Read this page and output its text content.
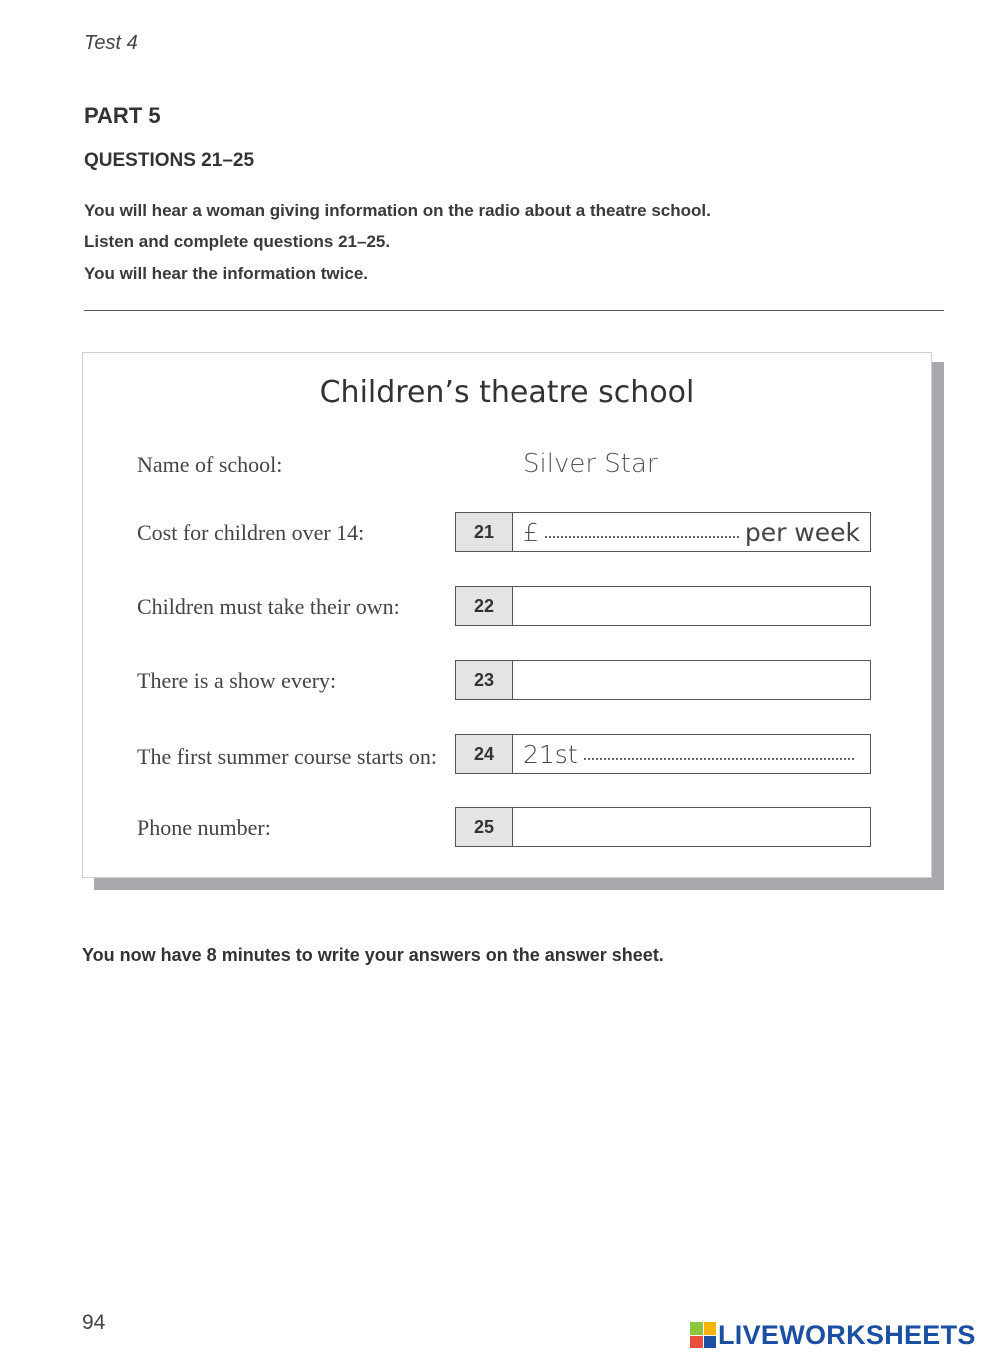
Test 4
PART 5
QUESTIONS 21–25
You will hear a woman giving information on the radio about a theatre school.
Listen and complete questions 21–25.
You will hear the information twice.
Children’s theatre school
Name of school:	Silver Star
Cost for children over 14:	21	£	per week
Children must take their own:	22
There is a show every:	23
The first summer course starts on:	24	21st
Phone number:	25
You now have 8 minutes to write your answers on the answer sheet.
94	LIVEWORKSHEETS
